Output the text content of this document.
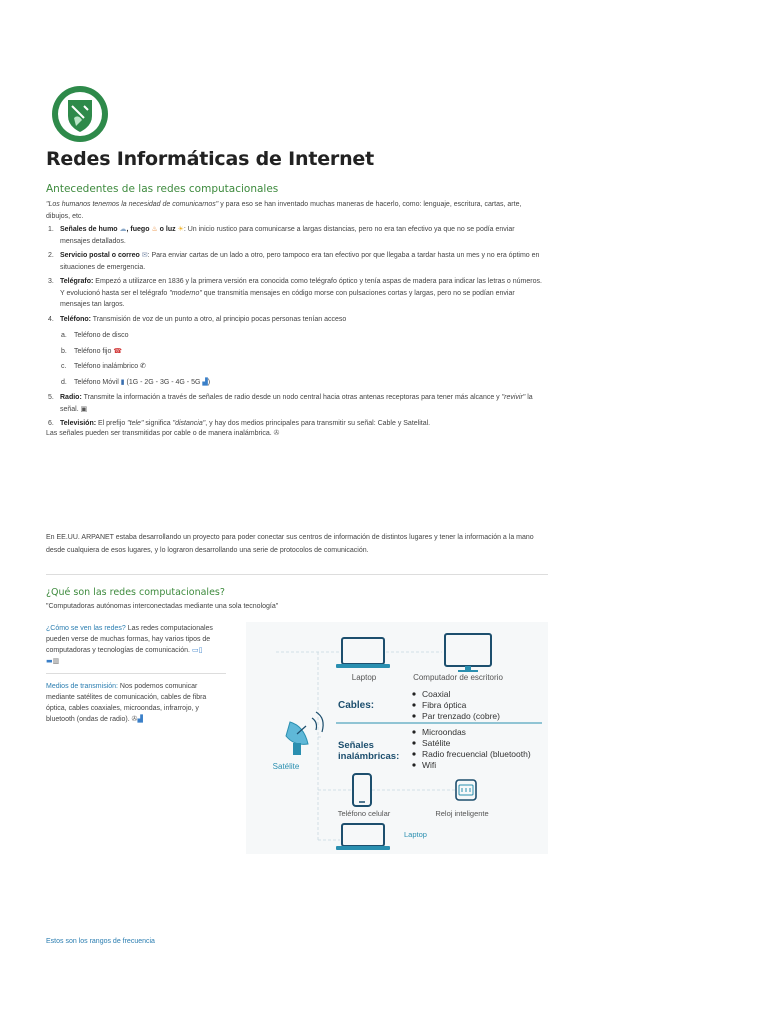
Redes Informáticas de Internet
Antecedentes de las redes computacionales

"Los humanos tenemos la necesidad de comunicarnos" y para eso se han inventado muchas maneras de hacerlo, como: lenguaje, escritura, cartas, arte, dibujos, etc.

1. Señales de humo ☁, fuego ♨ o luz ☀: Un inicio rustico para comunicarse a largas distancias, pero no era tan efectivo ya que no se podía enviar mensajes detallados.
2. Servicio postal o correo ✉: Para enviar cartas de un lado a otro, pero tampoco era tan efectivo por que llegaba a tardar hasta un mes y no era óptimo en situaciones de emergencia.
3. Telégrafo: Empezó a utilizarce en 1836 y la primera versión era conocida como telégrafo óptico y tenía aspas de madera para indicar las letras o números. Y evolucionó hasta ser el telégrafo "moderno" que transmitía mensajes en código morse con pulsaciones cortas y largas, pero no se podían enviar mensajes tan largos.
4. Teléfono: Transmisión de voz de un punto a otro, al principio pocas personas tenían acceso
a. Teléfono de disco
b. Teléfono fijo ☎
c. Teléfono inalámbrico ✆
d. Teléfono Móvil ▮ (1G - 2G - 3G - 4G - 5G ▟)
5. Radio: Transmite la información a través de señales de radio desde un nodo central hacia otras antenas receptoras para tener más alcance y "revivir" la señal. ▣
6. Televisión: El prefijo "tele" significa "distancia", y hay dos medios principales para transmitir su señal: Cable y Satelital.

Las señales pueden ser transmitidas por cable o de manera inalámbrica. ✇

En EE.UU. ARPANET estaba desarrollando un proyecto para poder conectar sus centros de información de distintos lugares y tener la información a la mano desde cualquiera de esos lugares, y lo lograron desarrollando una serie de protocolos de comunicación.

¿Qué son las redes computacionales?

"Computadoras autónomas interconectadas mediante una sola tecnología"

¿Cómo se ven las redes? Las redes computacionales pueden verse de muchas formas, hay varios tipos de computadoras y tecnologías de comunicación. ▭▯
▬▥

Medios de transmisión: Nos podemos comunicar mediante satélites de comunicación, cables de fibra óptica, cables coaxiales, microondas, infrarrojo, y bluetooth (ondas de radio). ✇▟

Laptop	Computador de escritorio
Cables:
Coaxial
Fibra óptica
Par trenzado (cobre)
Señales
inalámbricas:
Microondas
Satélite
Radio frecuencial (bluetooth)
Wifi
Satélite
Teléfono celular	Reloj inteligente
Laptop
Estos son los rangos de frecuencia
